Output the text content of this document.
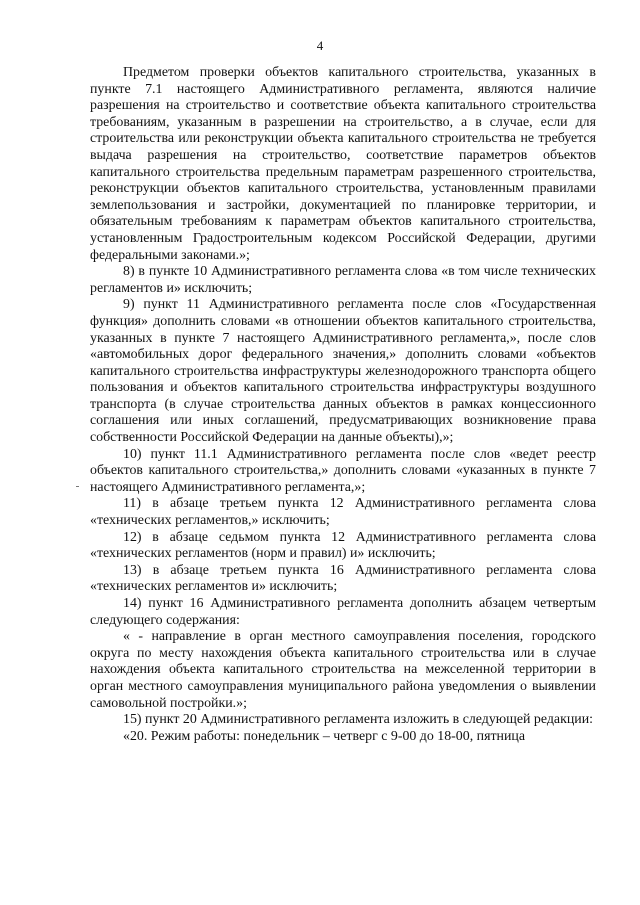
4

Предметом проверки объектов капитального строительства, указанных в пункте 7.1 настоящего Административного регламента, являются наличие разрешения на строительство и соответствие объекта капитального строительства требованиям, указанным в разрешении на строительство, а в случае, если для строительства или реконструкции объекта капитального строительства не требуется выдача разрешения на строительство, соответствие параметров объектов капитального строительства предельным параметрам разрешенного строительства, реконструкции объектов капитального строительства, установленным правилами землепользования и застройки, документацией по планировке территории, и обязательным требованиям к параметрам объектов капитального строительства, установленным Градостроительным кодексом Российской Федерации, другими федеральными законами.»;

8) в пункте 10 Административного регламента слова «в том числе технических регламентов и» исключить;

9) пункт 11 Административного регламента после слов «Государственная функция» дополнить словами «в отношении объектов капитального строительства, указанных в пункте 7 настоящего Административного регламента,», после слов «автомобильных дорог федерального значения,» дополнить словами «объектов капитального строительства инфраструктуры железнодорожного транспорта общего пользования и объектов капитального строительства инфраструктуры воздушного транспорта (в случае строительства данных объектов в рамках концессионного соглашения или иных соглашений, предусматривающих возникновение права собственности Российской Федерации на данные объекты),»;

10) пункт 11.1 Административного регламента после слов «ведет реестр объектов капитального строительства,» дополнить словами «указанных в пункте 7 настоящего Административного регламента,»;

11) в абзаце третьем пункта 12 Административного регламента слова «технических регламентов,» исключить;

12) в абзаце седьмом пункта 12 Административного регламента слова «технических регламентов (норм и правил) и» исключить;

13) в абзаце третьем пункта 16 Административного регламента слова «технических регламентов и» исключить;

14) пункт 16 Административного регламента дополнить абзацем четвертым следующего содержания:

« - направление в орган местного самоуправления поселения, городского округа по месту нахождения объекта капитального строительства или в случае нахождения объекта капитального строительства на межселенной территории в орган местного самоуправления муниципального района уведомления о выявлении самовольной постройки.»;

15) пункт 20 Административного регламента изложить в следующей редакции:

«20. Режим работы: понедельник – четверг с 9-00 до 18-00, пятница
